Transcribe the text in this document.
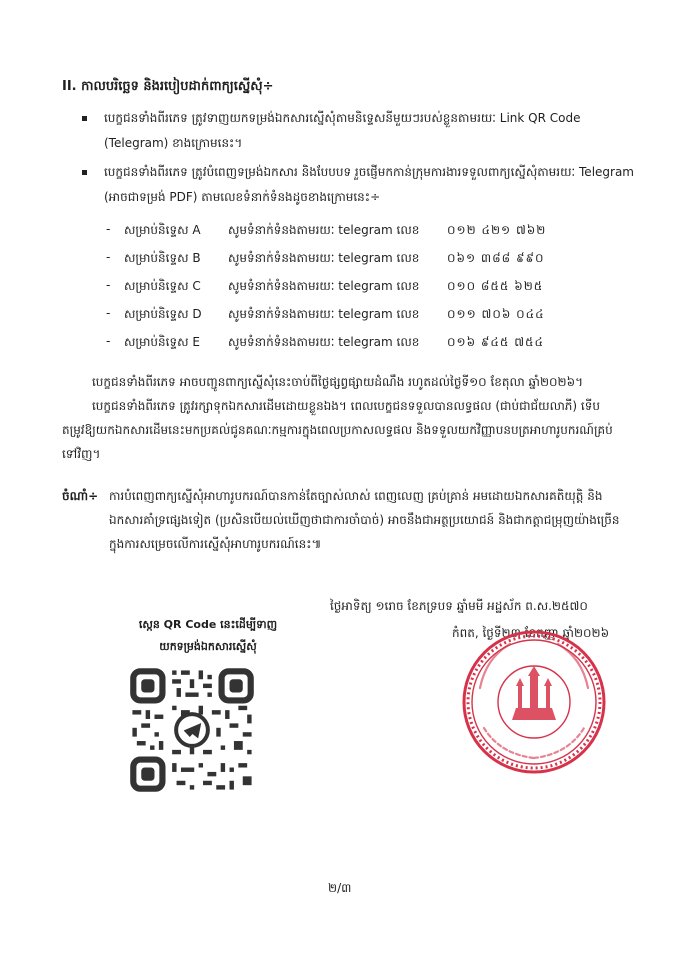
II. កាលបរិច្ឆេទ និងរបៀបដាក់ពាក្យស្នើសុំ÷
បេក្ខជនទាំងពីរភេទ ត្រូវទាញយកទម្រង់ឯកសារស្នើសុំតាមនិទ្ទេសនីមួយៗរបស់ខ្លួនតាមរយៈ Link QR Code (Telegram) ខាងក្រោមនេះ។
បេក្ខជនទាំងពីរភេទ ត្រូវបំពេញទម្រង់ឯកសារ និងបែបបទ រួចផ្ញើមកកាន់ក្រុមការងារទទួលពាក្យស្នើសុំតាមរយៈ Telegram (អាចជាទម្រង់ PDF) តាមលេខទំនាក់ទំនងដូចខាងក្រោមនេះ÷
- សម្រាប់និទ្ទេស A សូមទំនាក់ទំនងតាមរយៈ telegram លេខ ០១២ ៤២១ ៧៦២
- សម្រាប់និទ្ទេស B សូមទំនាក់ទំនងតាមរយៈ telegram លេខ ០៦១ ៣៨៨ ៩៩០
- សម្រាប់និទ្ទេស C សូមទំនាក់ទំនងតាមរយៈ telegram លេខ ០១០ ៨៥៥ ៦២៥
- សម្រាប់និទ្ទេស D សូមទំនាក់ទំនងតាមរយៈ telegram លេខ ០១១ ៧០៦ ០៤៤
- សម្រាប់និទ្ទេស E សូមទំនាក់ទំនងតាមរយៈ telegram លេខ ០១៦ ៩៤៥ ៧៥៤
បេក្ខជនទាំងពីរភេទ អាចបញ្ជូនពាក្យស្នើសុំនេះចាប់ពីថ្ងៃផ្សព្វផ្សាយដំណឹង រហូតដល់ថ្ងៃទី១០ ខែតុលា ឆ្នាំ២០២៦។
បេក្ខជនទាំងពីរភេទ ត្រូវរក្សាទុកឯកសារដើមដោយខ្លួនឯង។ ពេលបេក្ខជនទទួលបានលទ្ធផល (ជាប់ជាជ័យលាភី) ទើបតម្រូវឱ្យយកឯកសារដើមនេះមកប្រគល់ជូនគណៈកម្មការក្នុងពេលប្រកាសលទ្ធផល និងទទួលយកវិញ្ញាបនបត្រអាហារូបករណ៍គ្រប់ទៅវិញ។
ចំណាំ÷ ការបំពេញពាក្យស្នើសុំអាហារូបករណ៍បានកាន់តែច្បាស់លាស់ ពេញលេញ គ្រប់គ្រាន់ អមដោយឯកសារគតិយុត្តិ និងឯកសារគាំទ្រផ្សេងទៀត (ប្រសិនបើយល់ឃើញថាជាការចាំបាច់) អាចនឹងជាអត្ថប្រយោជន៍ និងជាកត្តាជម្រុញយ៉ាងច្រើនក្នុងការសម្រេចលើការស្នើសុំអាហារូបករណ៍នេះ៕
ស្កេន QR Code នេះដើម្បីទាញ
យកទម្រង់ឯកសារស្នើសុំ
ថ្ងៃអាទិត្យ ១រោច ខែភទ្របទ ឆ្នាំមមី អដ្ឋស័ក ព.ស.២៥៧០
កំពត, ថ្ងៃទី២៣ ខែកញ្ញា ឆ្នាំ២០២៦
២/៣
